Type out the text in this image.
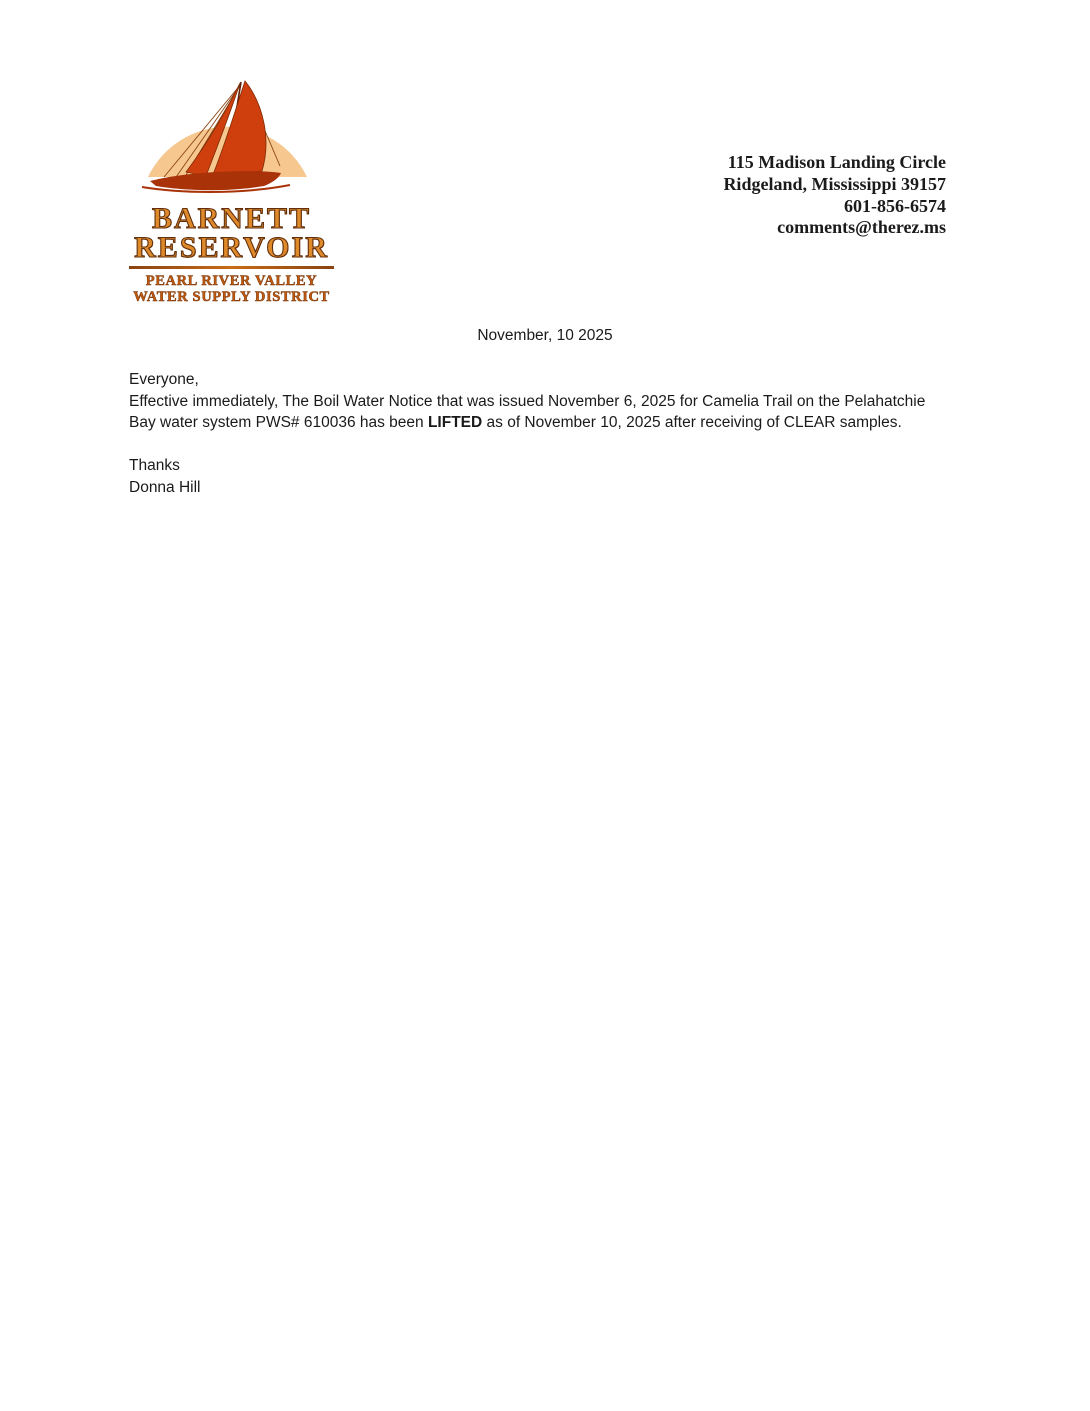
BARNETT
RESERVOIR
PEARL RIVER VALLEY
WATER SUPPLY DISTRICT
115 Madison Landing Circle
Ridgeland, Mississippi 39157
601-856-6574
comments@therez.ms
November, 10 2025
Everyone,

Effective immediately, The Boil Water Notice that was issued November 6, 2025 for Camelia Trail on the Pelahatchie Bay water system PWS# 610036 has been LIFTED as of November 10, 2025 after receiving of CLEAR samples.

Thanks
Donna Hill
